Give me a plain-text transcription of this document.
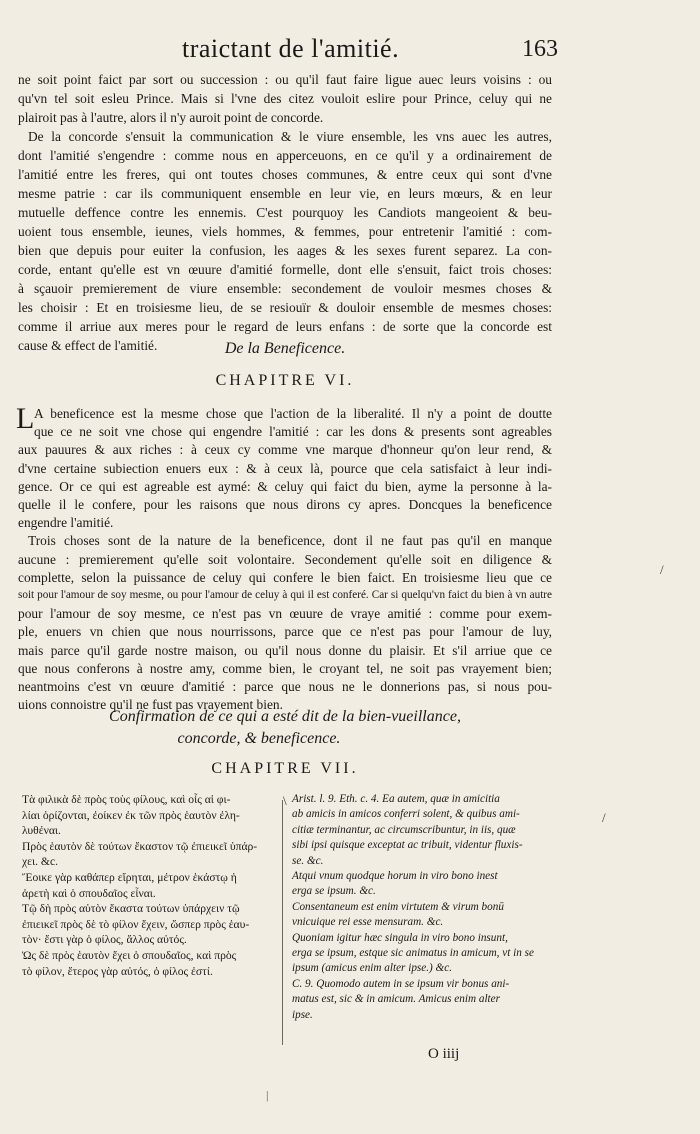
traictant de l'amitié.	163
ne soit point faict par sort ou succession : ou qu'il faut faire ligue auec leurs voisins : ou
qu'vn tel soit esleu Prince. Mais si l'vne des citez vouloit eslire pour Prince, celuy qui ne
plairoit pas à l'autre, alors il n'y auroit point de concorde.
De la concorde s'ensuit la communication & le viure ensemble, les vns auec les autres,
dont l'amitié s'engendre : comme nous en apperceuons, en ce qu'il y a ordinairement de
l'amitié entre les freres, qui ont toutes choses communes, & entre ceux qui sont d'vne
mesme patrie : car ils communiquent ensemble en leur vie, en leurs mœurs, & en leur
mutuelle deffence contre les ennemis. C'est pourquoy les Candiots mangeoient & beu-
uoient tous ensemble, ieunes, viels hommes, & femmes, pour entretenir l'amitié : com-
bien que depuis pour euiter la confusion, les aages & les sexes furent separez. La con-
corde, entant qu'elle est vn œuure d'amitié formelle, dont elle s'ensuit, faict trois choses:
à sçauoir premierement de viure ensemble: secondement de vouloir mesmes choses &
les choisir : Et en troisiesme lieu, de se resiouïr & douloir ensemble de mesmes choses:
comme il arriue aux meres pour le regard de leurs enfans : de sorte que la concorde est
cause & effect de l'amitié.	De la Beneficence.
CHAPITRE VI.
L A beneficence est la mesme chose que l'action de la liberalité. Il n'y a point de doutte
que ce ne soit vne chose qui engendre l'amitié : car les dons & presents sont agreables
aux pauures & aux riches : à ceux cy comme vne marque d'honneur qu'on leur rend, &
d'vne certaine subiection enuers eux : & à ceux là, pource que cela satisfaict à leur indi-
gence. Or ce qui est agreable est aymé: & celuy qui faict du bien, ayme la personne à la-
quelle il le confere, pour les raisons que nous dirons cy apres. Doncques la beneficence
engendre l'amitié.
Trois choses sont de la nature de la beneficence, dont il ne faut pas qu'il en manque
aucune : premierement qu'elle soit volontaire. Secondement qu'elle soit en diligence &
complette, selon la puissance de celuy qui confere le bien faict. En troisiesme lieu que ce
soit pour l'amour de soy mesme, ou pour l'amour de celuy à qui il est conferé. Car si quelqu'vn faict du bien à vn autre
pour l'amour de soy mesme, ce n'est pas vn œuure de vraye amitié : comme pour exem-
ple, enuers vn chien que nous nourrissons, parce que ce n'est pas pour l'amour de luy,
mais parce qu'il garde nostre maison, ou qu'il nous donne du plaisir. Et s'il arriue que ce
que nous conferons à nostre amy, comme bien, le croyant tel, ne soit pas vrayement bien;
neantmoins c'est vn œuure d'amitié : parce que nous ne le donnerions pas, si nous pou-
uions connoistre qu'il ne fust pas vrayement bien.
Confirmation de ce qui a esté dit de la bien-vueillance,
concorde, & beneficence.
CHAPITRE VII.
Τὰ φιλικὰ δὲ πρὸς τοὺς φίλους, καὶ οἷς αἱ φι-
λίαι ὁρίζονται, ἐοίκεν ἐκ τῶν πρὸς ἑαυτὸν ἐλη-
λυθέναι.
Πρὸς ἑαυτὸν δὲ τούτων ἕκαστον τῷ ἐπιεικεῖ ὑπάρ-
χει. &c.
Ἔοικε γὰρ καθάπερ εἴρηται, μέτρον ἑκάστῳ ἡ
ἀρετὴ καὶ ὁ σπουδαῖος εἶναι.
Τῷ δὴ πρὸς αὑτὸν ἕκαστα τούτων ὑπάρχειν τῷ
ἐπιεικεῖ πρὸς δὲ τὸ φίλον ἔχειν, ὥσπερ πρὸς ἑαυ-
τὸν· ἔστι γὰρ ὁ φίλος, ἄλλος αὐτός.
Ὡς δὲ πρὸς ἑαυτὸν ἔχει ὁ σπουδαῖος, καὶ πρὸς
τὸ φίλον, ἕτερος γὰρ αὐτός, ὁ φίλος ἐστί.
Arist. l. 9. Eth. c. 4. Ea autem, quæ in amicitia
ab amicis in amicos conferri solent, & quibus ami-
citiæ terminantur, ac circumscribuntur, in iis, quæ
sibi ipsi quisque exceptat ac tribuit, videntur fluxis-
se. &c.
Atqui vnum quodque horum in viro bono inest
erga se ipsum. &c.
Consentaneum est enim virtutem & virum bonū
vnicuique rei esse mensuram. &c.
Quoniam igitur hæc singula in viro bono insunt,
erga se ipsum, estque sic animatus in amicum, vt in se
ipsum (amicus enim alter ipse.) &c.
C. 9. Quomodo autem in se ipsum vir bonus ani-
matus est, sic & in amicum. Amicus enim alter
ipse.
\
/
/
O iiij
|
